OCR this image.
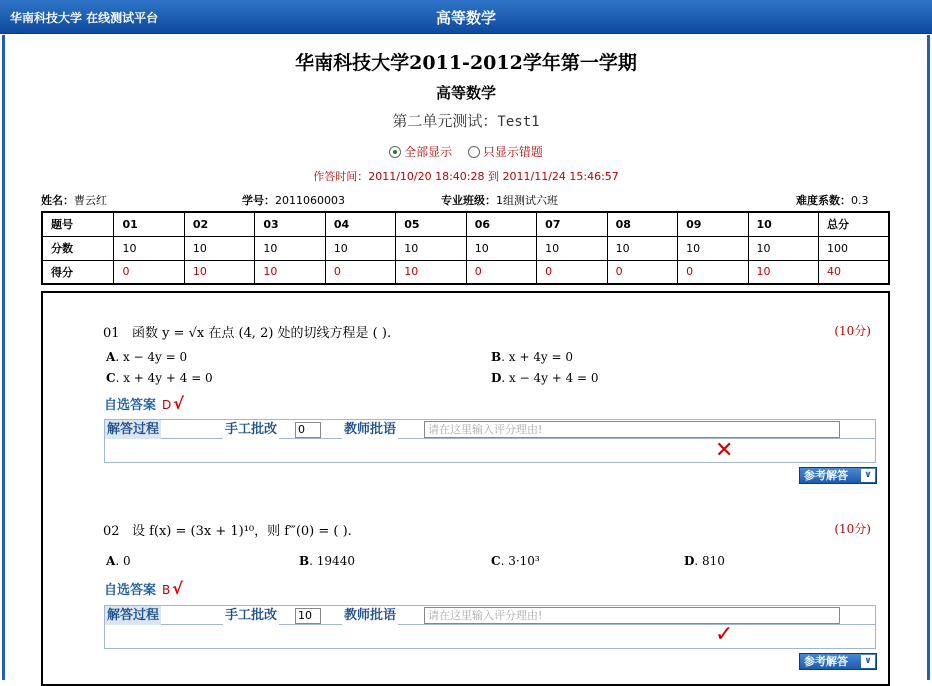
华南科技大学 在线测试平台	高等数学
华南科技大学2011-2012学年第一学期
高等数学
第二单元测试：Test1
全部显示	只显示错题
作答时间：2011/10/20 18:40:28 到 2011/11/24 15:46:57
姓名：曹云红	学号：2011060003	专业班级：1组测试六班	难度系数：0.3
题号	01	02	03	04	05	06	07	08	09	10	总分
分数	10	10	10	10	10	10	10	10	10	10	100
得分	0	10	10	0	10	0	0	0	0	10	40
01 函数 y = √x 在点 (4, 2) 处的切线方程是 ( ).	(10分)
A. x − 4y = 0	B. x + 4y = 0
C. x + 4y + 4 = 0	D. x − 4y + 4 = 0
自选答案 D √
解答过程	手工批改 0	教师批语	请在这里输入评分理由!
✕
参考解答	∨
02 设 f(x) = (3x + 1)¹⁰，则 f‴(0) = ( ).	(10分)
A. 0	B. 19440	C. 3·10³	D. 810
自选答案 B √
解答过程	手工批改 10	教师批语	请在这里输入评分理由!
✓
参考解答	∨
